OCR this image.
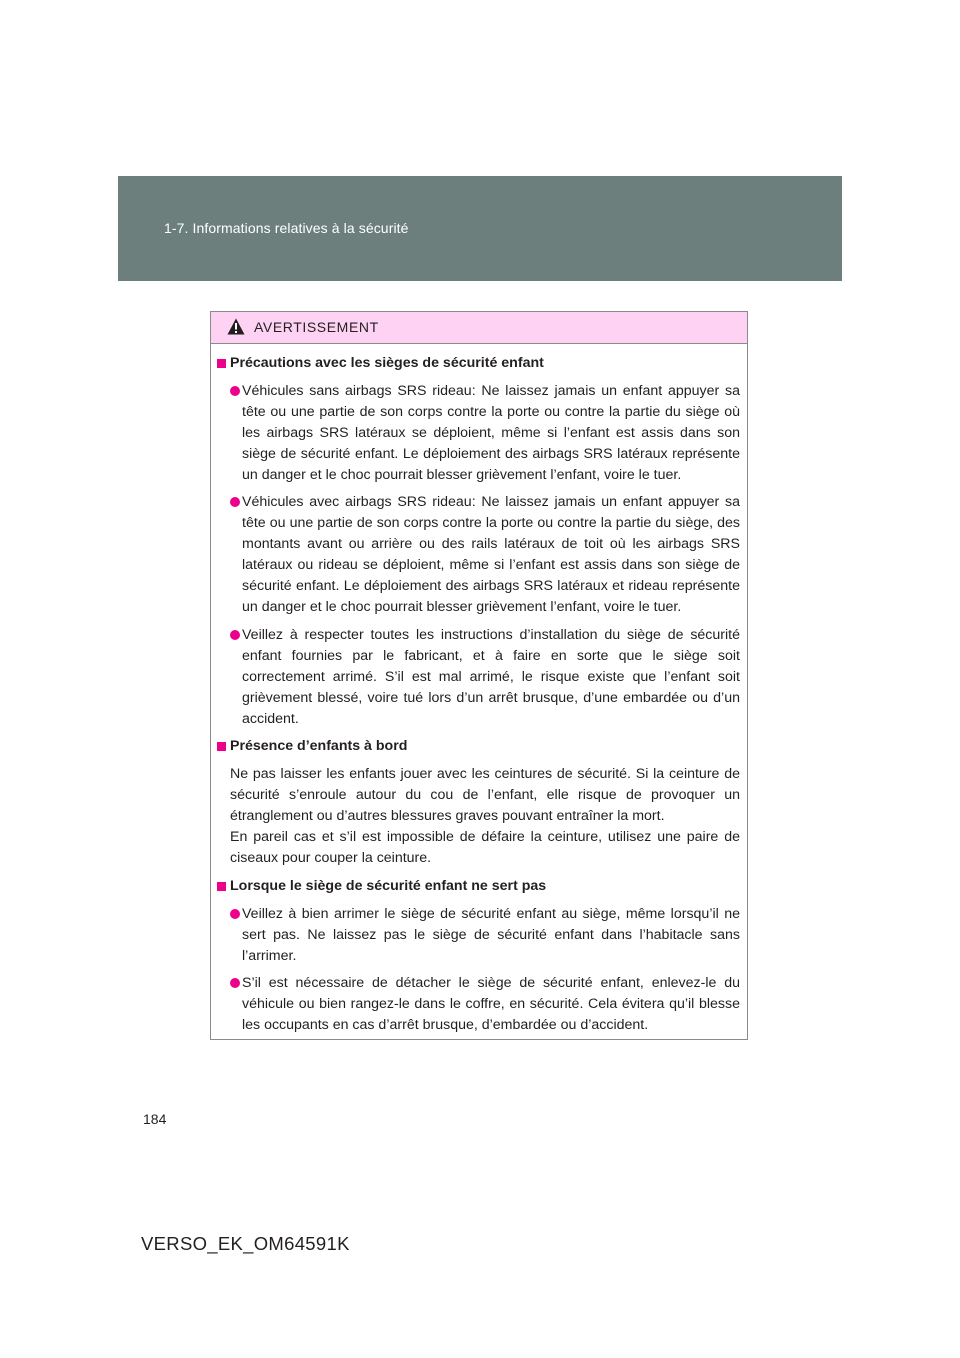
1-7. Informations relatives à la sécurité
AVERTISSEMENT
Précautions avec les sièges de sécurité enfant
Véhicules sans airbags SRS rideau: Ne laissez jamais un enfant appuyer sa tête ou une partie de son corps contre la porte ou contre la partie du siège où les airbags SRS latéraux se déploient, même si l’enfant est assis dans son siège de sécurité enfant. Le déploiement des airbags SRS latéraux représente un danger et le choc pourrait blesser grièvement l’enfant, voire le tuer.
Véhicules avec airbags SRS rideau: Ne laissez jamais un enfant appuyer sa tête ou une partie de son corps contre la porte ou contre la partie du siège, des montants avant ou arrière ou des rails latéraux de toit où les airbags SRS latéraux ou rideau se déploient, même si l’enfant est assis dans son siège de sécurité enfant. Le déploiement des airbags SRS latéraux et rideau représente un danger et le choc pourrait blesser grièvement l’enfant, voire le tuer.
Veillez à respecter toutes les instructions d’installation du siège de sécurité enfant fournies par le fabricant, et à faire en sorte que le siège soit correctement arrimé. S’il est mal arrimé, le risque existe que l’enfant soit grièvement blessé, voire tué lors d’un arrêt brusque, d’une embardée ou d’un accident.
Présence d’enfants à bord
Ne pas laisser les enfants jouer avec les ceintures de sécurité. Si la ceinture de sécurité s’enroule autour du cou de l’enfant, elle risque de provoquer un étranglement ou d’autres blessures graves pouvant entraîner la mort.
En pareil cas et s’il est impossible de défaire la ceinture, utilisez une paire de ciseaux pour couper la ceinture.
Lorsque le siège de sécurité enfant ne sert pas
Veillez à bien arrimer le siège de sécurité enfant au siège, même lorsqu’il ne sert pas. Ne laissez pas le siège de sécurité enfant dans l’habitacle sans l’arrimer.
S’il est nécessaire de détacher le siège de sécurité enfant, enlevez-le du véhicule ou bien rangez-le dans le coffre, en sécurité. Cela évitera qu’il blesse les occupants en cas d’arrêt brusque, d’embardée ou d’accident.
184
VERSO_EK_OM64591K
